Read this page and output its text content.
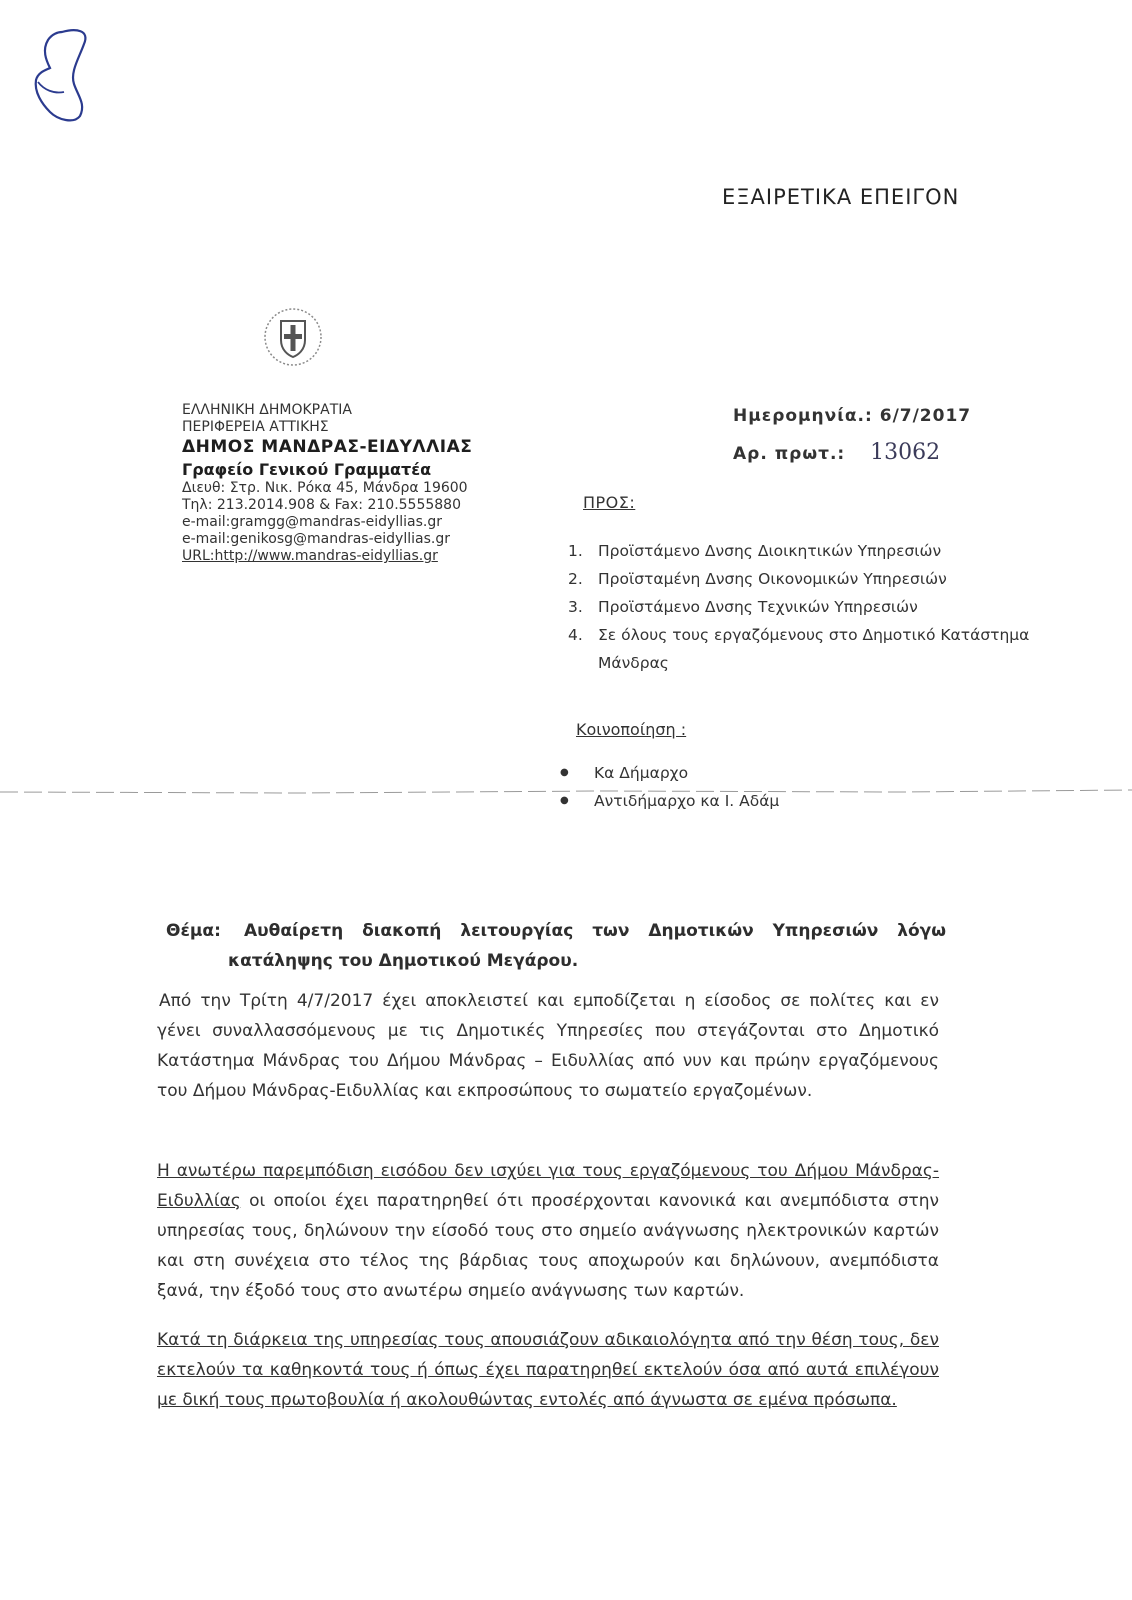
ΕΞΑΙΡΕΤΙΚΑ ΕΠΕΙΓΟΝ
ΕΛΛΗΝΙΚΗ ΔΗΜΟΚΡΑΤΙΑ
ΠΕΡΙΦΕΡΕΙΑ ΑΤΤΙΚΗΣ
ΔΗΜΟΣ ΜΑΝΔΡΑΣ-ΕΙΔΥΛΛΙΑΣ
Γραφείο Γενικού Γραμματέα
Διευθ: Στρ. Νικ. Ρόκα 45, Μάνδρα 19600
Τηλ: 213.2014.908 & Fax: 210.5555880
e-mail:gramgg@mandras-eidyllias.gr
e-mail:genikosg@mandras-eidyllias.gr
URL:http://www.mandras-eidyllias.gr
Ημερομηνία.: 6/7/2017
Αρ. πρωτ.: 13062
ΠΡΟΣ:
1. Προϊστάμενο Δνσης Διοικητικών Υπηρεσιών
2. Προϊσταμένη Δνσης Οικονομικών Υπηρεσιών
3. Προϊστάμενο Δνσης Τεχνικών Υπηρεσιών
4. Σε όλους τους εργαζόμενους στο Δημοτικό Κατάστημα Μάνδρας
Κοινοποίηση :
●	Κα Δήμαρχο
●	Αντιδήμαρχο κα Ι. Αδάμ
Θέμα:	Αυθαίρετη διακοπή λειτουργίας των Δημοτικών Υπηρεσιών λόγω
κατάληψης του Δημοτικού Μεγάρου.
Από την Τρίτη 4/7/2017 έχει αποκλειστεί και εμποδίζεται η είσοδος σε πολίτες και εν γένει συναλλασσόμενους με τις Δημοτικές Υπηρεσίες που στεγάζονται στο Δημοτικό Κατάστημα Μάνδρας του Δήμου Μάνδρας – Ειδυλλίας από νυν και πρώην εργαζόμενους του Δήμου Μάνδρας-Ειδυλλίας και εκπροσώπους το σωματείο εργαζομένων.
Η ανωτέρω παρεμπόδιση εισόδου δεν ισχύει για τους εργαζόμενους του Δήμου Μάνδρας-Ειδυλλίας οι οποίοι έχει παρατηρηθεί ότι προσέρχονται κανονικά και ανεμπόδιστα στην υπηρεσίας τους, δηλώνουν την είσοδό τους στο σημείο ανάγνωσης ηλεκτρονικών καρτών και στη συνέχεια στο τέλος της βάρδιας τους αποχωρούν και δηλώνουν, ανεμπόδιστα ξανά, την έξοδό τους στο ανωτέρω σημείο ανάγνωσης των καρτών.
Κατά τη διάρκεια της υπηρεσίας τους απουσιάζουν αδικαιολόγητα από την θέση τους, δεν εκτελούν τα καθηκοντά τους ή όπως έχει παρατηρηθεί εκτελούν όσα από αυτά επιλέγουν με δική τους πρωτοβουλία ή ακολουθώντας εντολές από άγνωστα σε εμένα πρόσωπα.
